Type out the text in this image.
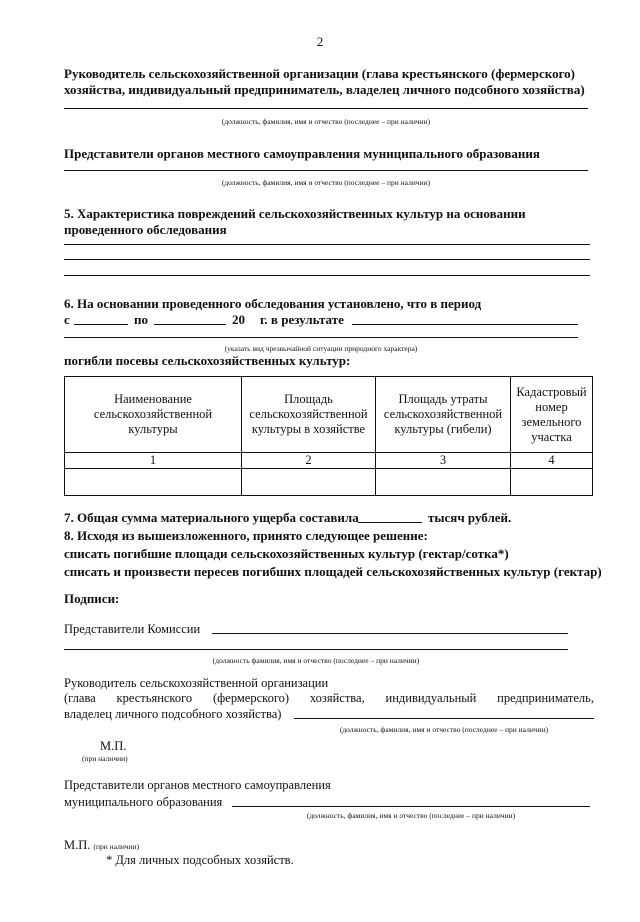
2
Руководитель сельскохозяйственной организации (глава крестьянского (фермерского)
хозяйства, индивидуальный предприниматель, владелец личного подсобного хозяйства)
(должность, фамилия, имя и отчество (последнее – при наличии)
Представители органов местного самоуправления муниципального образования
(должность, фамилия, имя и отчество (последнее – при наличии)
5. Характеристика повреждений сельскохозяйственных культур на основании
проведенного обследования
6. На основании проведенного обследования установлено, что в период
с	по	20 г. в результате
(указать вид чрезвычайной ситуации природного характера)
погибли посевы сельскохозяйственных культур:
Наименование сельскохозяйственной культуры	Площадь сельскохозяйственной культуры в хозяйстве	Площадь утраты сельскохозяйственной культуры (гибели)	Кадастровый номер земельного участка
1	2	3	4

7. Общая сумма материального ущерба составила	тысяч рублей.
8. Исходя из вышеизложенного, принято следующее решение:
списать погибшие площади сельскохозяйственных культур (гектар/сотка*)
списать и произвести пересев погибших площадей сельскохозяйственных культур (гектар)
Подписи:
Представители Комиссии
(должность фамилия, имя и отчество (последнее – при наличии)
Руководитель сельскохозяйственной организации
(глава крестьянского (фермерского) хозяйства, индивидуальный предприниматель,
владелец личного подсобного хозяйства)
(должность, фамилия, имя и отчество (последнее – при наличии)
М.П.
(при наличии)
Представители органов местного самоуправления
муниципального образования
(должность, фамилия, имя и отчество (последнее – при наличии)
М.П. (при наличии)
* Для личных подсобных хозяйств.
